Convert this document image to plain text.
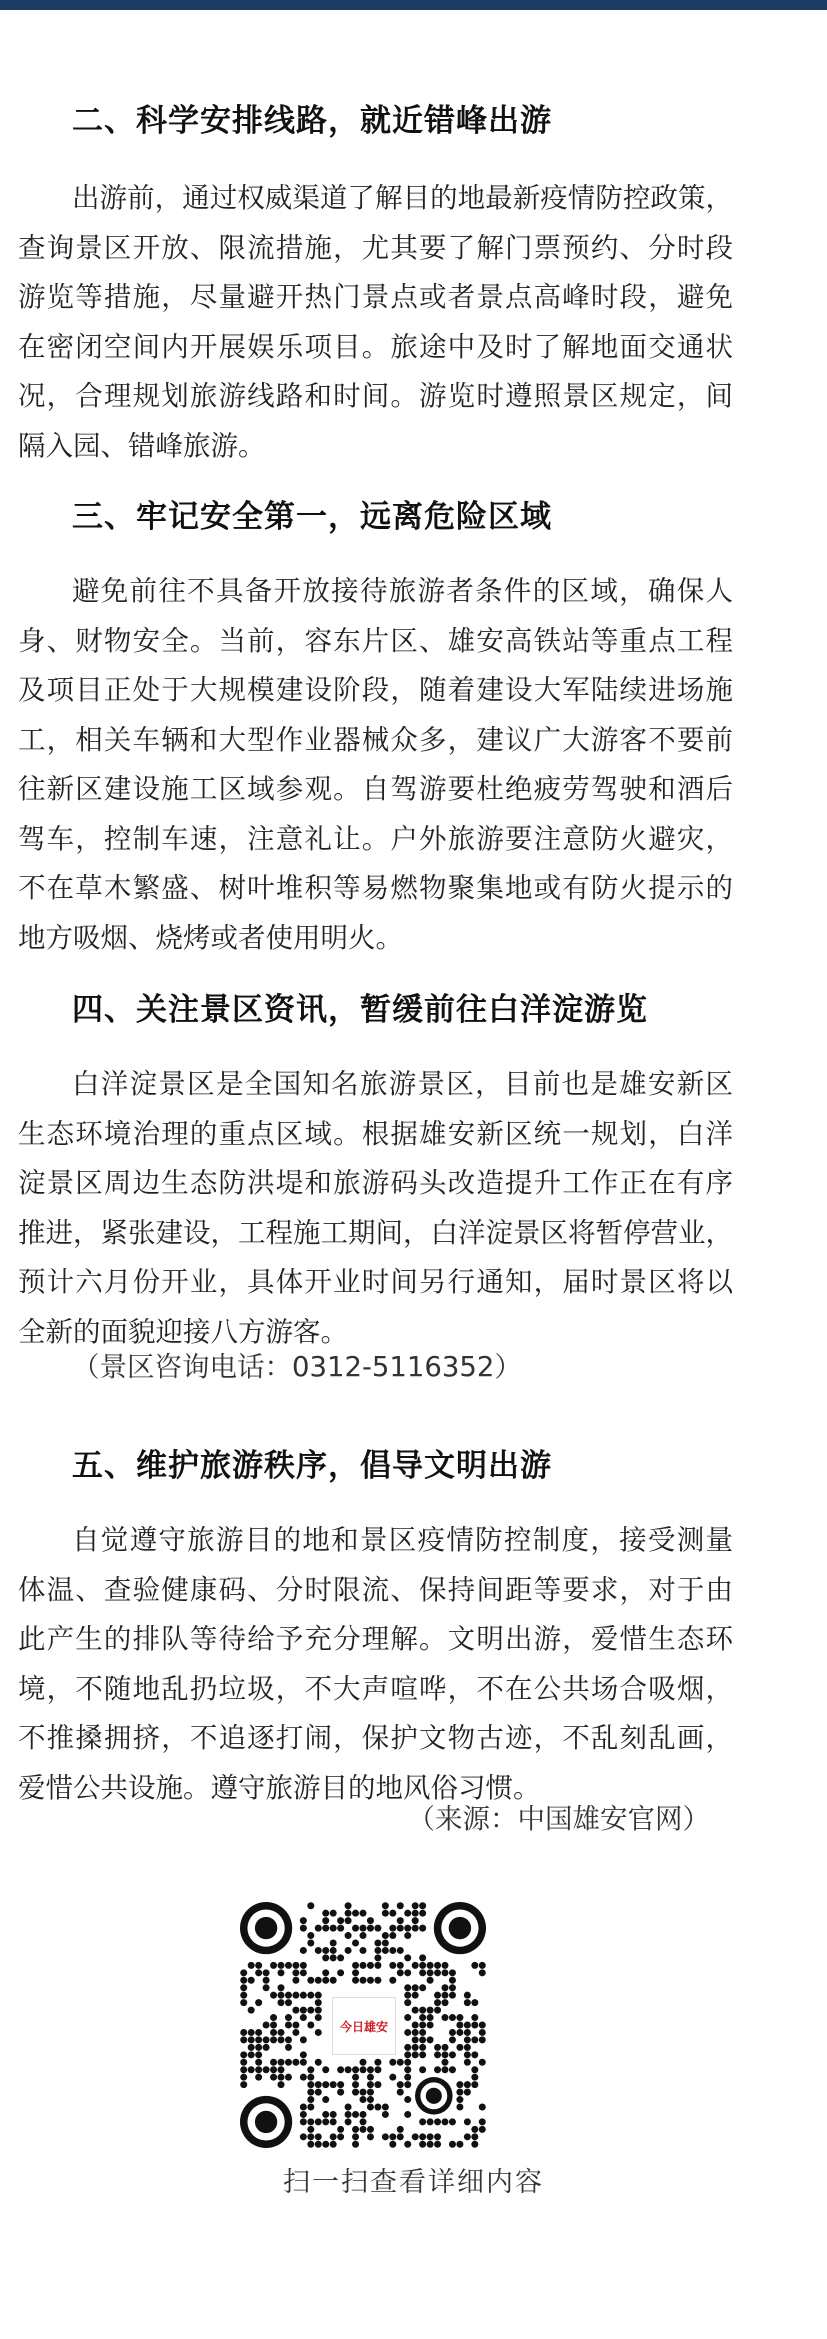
二、科学安排线路，就近错峰出游
出游前，通过权威渠道了解目的地最新疫情防控政策，
查询景区开放、限流措施，尤其要了解门票预约、分时段
游览等措施，尽量避开热门景点或者景点高峰时段，避免
在密闭空间内开展娱乐项目。旅途中及时了解地面交通状
况，合理规划旅游线路和时间。游览时遵照景区规定，间
隔入园、错峰旅游。
三、牢记安全第一，远离危险区域
避免前往不具备开放接待旅游者条件的区域，确保人
身、财物安全。当前，容东片区、雄安高铁站等重点工程
及项目正处于大规模建设阶段，随着建设大军陆续进场施
工，相关车辆和大型作业器械众多，建议广大游客不要前
往新区建设施工区域参观。自驾游要杜绝疲劳驾驶和酒后
驾车，控制车速，注意礼让。户外旅游要注意防火避灾，
不在草木繁盛、树叶堆积等易燃物聚集地或有防火提示的
地方吸烟、烧烤或者使用明火。
四、关注景区资讯，暂缓前往白洋淀游览
白洋淀景区是全国知名旅游景区，目前也是雄安新区
生态环境治理的重点区域。根据雄安新区统一规划，白洋
淀景区周边生态防洪堤和旅游码头改造提升工作正在有序
推进，紧张建设，工程施工期间，白洋淀景区将暂停营业，
预计六月份开业，具体开业时间另行通知，届时景区将以
全新的面貌迎接八方游客。
（景区咨询电话：0312-5116352）
五、维护旅游秩序，倡导文明出游
自觉遵守旅游目的地和景区疫情防控制度，接受测量
体温、查验健康码、分时限流、保持间距等要求，对于由
此产生的排队等待给予充分理解。文明出游，爱惜生态环
境，不随地乱扔垃圾，不大声喧哗，不在公共场合吸烟，
不推搡拥挤，不追逐打闹，保护文物古迹，不乱刻乱画，
爱惜公共设施。遵守旅游目的地风俗习惯。
（来源：中国雄安官网）
今日雄安
扫一扫查看详细内容
